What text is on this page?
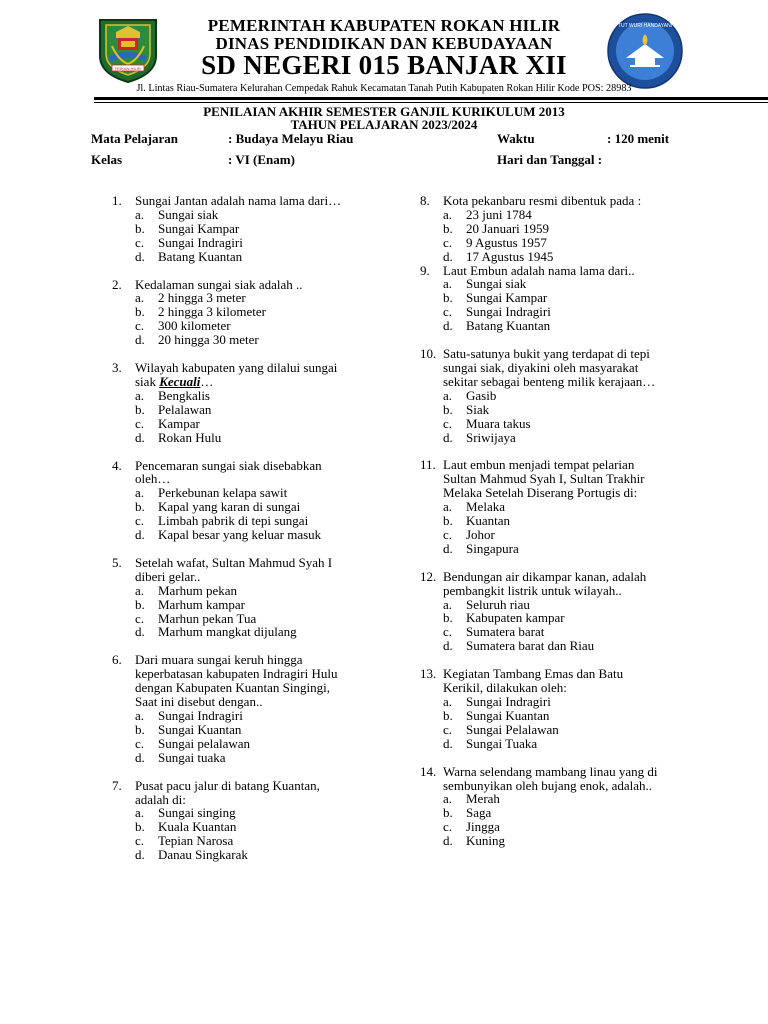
ROKAN HILIR
TUT WURI HANDAYANI
PEMERINTAH KABUPATEN ROKAN HILIR
DINAS PENDIDIKAN DAN KEBUDAYAAN
SD NEGERI 015 BANJAR XII
Jl. Lintas Riau-Sumatera Kelurahan Cempedak Rahuk Kecamatan Tanah Putih Kabupaten Rokan Hilir Kode POS: 28983
PENILAIAN AKHIR SEMESTER GANJIL KURIKULUM 2013
TAHUN PELAJARAN 2023/2024
Mata Pelajaran	: Budaya Melayu Riau	Waktu	: 120 menit
Kelas	: VI (Enam)	Hari dan Tanggal :
1. Sungai Jantan adalah nama lama dari…
a. Sungai siak
b. Sungai Kampar
c. Sungai Indragiri
d. Batang Kuantan
2. Kedalaman sungai siak adalah ..
a. 2 hingga 3 meter
b. 2 hingga 3 kilometer
c. 300 kilometer
d. 20 hingga 30 meter
3. Wilayah kabupaten yang dilalui sungai
siak Kecuali…
a. Bengkalis
b. Pelalawan
c. Kampar
d. Rokan Hulu
4. Pencemaran sungai siak disebabkan
oleh…
a. Perkebunan kelapa sawit
b. Kapal yang karan di sungai
c. Limbah pabrik di tepi sungai
d. Kapal besar yang keluar masuk
5. Setelah wafat, Sultan Mahmud Syah I
diberi gelar..
a. Marhum pekan
b. Marhum kampar
c. Marhun pekan Tua
d. Marhum mangkat dijulang
6. Dari muara sungai keruh hingga
keperbatasan kabupaten Indragiri Hulu
dengan Kabupaten Kuantan Singingi,
Saat ini disebut dengan..
a. Sungai Indragiri
b. Sungai Kuantan
c. Sungai pelalawan
d. Sungai tuaka
7. Pusat pacu jalur di batang Kuantan,
adalah di:
a. Sungai singing
b. Kuala Kuantan
c. Tepian Narosa
d. Danau Singkarak
8. Kota pekanbaru resmi dibentuk pada :
a. 23 juni 1784
b. 20 Januari 1959
c. 9 Agustus 1957
d. 17 Agustus 1945
9. Laut Embun adalah nama lama dari..
a. Sungai siak
b. Sungai Kampar
c. Sungai Indragiri
d. Batang Kuantan
10. Satu-satunya bukit yang terdapat di tepi
sungai siak, diyakini oleh masyarakat
sekitar sebagai benteng milik kerajaan…
a. Gasib
b. Siak
c. Muara takus
d. Sriwijaya
11. Laut embun menjadi tempat pelarian
Sultan Mahmud Syah I, Sultan Trakhir
Melaka Setelah Diserang Portugis di:
a. Melaka
b. Kuantan
c. Johor
d. Singapura
12. Bendungan air dikampar kanan, adalah
pembangkit listrik untuk wilayah..
a. Seluruh riau
b. Kabupaten kampar
c. Sumatera barat
d. Sumatera barat dan Riau
13. Kegiatan Tambang Emas dan Batu
Kerikil, dilakukan oleh:
a. Sungai Indragiri
b. Sungai Kuantan
c. Sungai Pelalawan
d. Sungai Tuaka
14. Warna selendang mambang linau yang di
sembunyikan oleh bujang enok, adalah..
a. Merah
b. Saga
c. Jingga
d. Kuning
